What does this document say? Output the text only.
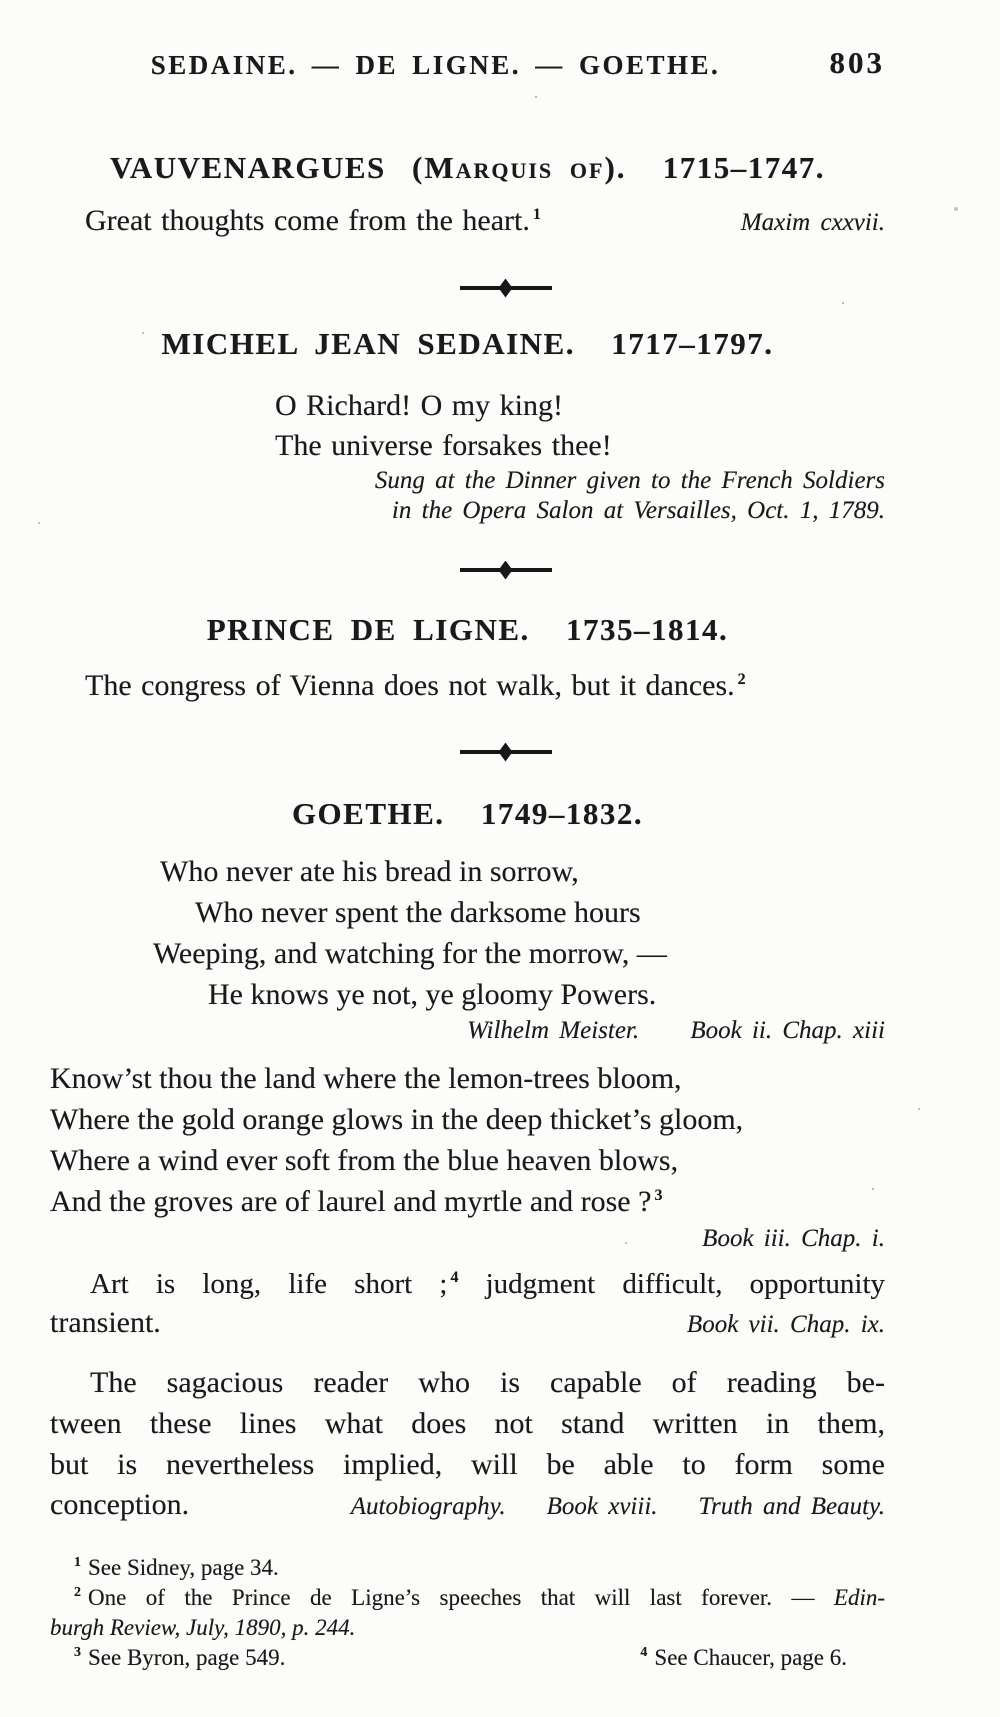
SEDAINE. — DE LIGNE. — GOETHE.	803
VAUVENARGUES (Marquis of). 1715–1747.

Great thoughts come from the heart. $^1$	Maxim cxxvii.

MICHEL JEAN SEDAINE. 1717–1797.
O Richard! O my king!
The universe forsakes thee!
Sung at the Dinner given to the French Soldiers
in the Opera Salon at Versailles, Oct. 1, 1789.
PRINCE DE LIGNE. 1735–1814.

The congress of Vienna does not walk, but it dances. $^2$

GOETHE. 1749–1832.
Who never ate his bread in sorrow,
Who never spent the darksome hours
Weeping, and watching for the morrow, —
He knows ye not, ye gloomy Powers.
Wilhelm Meister.     Book ii. Chap. xiii
Know’st thou the land where the lemon-trees bloom,
Where the gold orange glows in the deep thicket’s gloom,
Where a wind ever soft from the blue heaven blows,
And the groves are of laurel and myrtle and rose ? $^3$
Book iii. Chap. i.
Art is long, life short ; $^4$ judgment difficult, opportunity

transient.	Book vii. Chap. ix.

The sagacious reader who is capable of reading be-
tween these lines what does not stand written in them,
but is nevertheless implied, will be able to form some

conception.	Autobiography.    Book xviii.    Truth and Beauty.

$^1$ See Sidney, page 34.
$^2$ One of the Prince de Ligne’s speeches that will last forever. — Edin-
burgh Review, July, 1890, p. 244.
$^3$ See Byron, page 549.	$^4$ See Chaucer, page 6.
